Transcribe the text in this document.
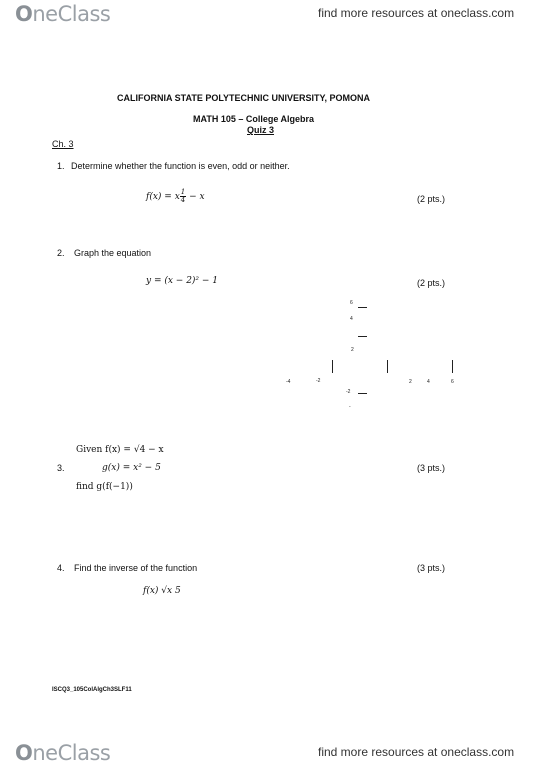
OneClass	find more resources at oneclass.com
CALIFORNIA STATE POLYTECHNIC UNIVERSITY, POMONA
MATH 105 – College Algebra
Quiz 3
Ch. 3
1. Determine whether the function is even, odd or neither.
f(x) = x $\frac{1}{4} - x$	(2 pts.)
2. Graph the equation
y = (x − 2)² − 1	(2 pts.)
6
4
2
-4	-2	2	4	6
-2
-
Given f(x) = √4 − x
3.	g(x) = x² − 5	(3 pts.)
find g(f(−1))
4. Find the inverse of the function	(3 pts.)
f(x) √x 5
ISCQ3_105ColAlgCh3SLF11
OneClass	find more resources at oneclass.com
